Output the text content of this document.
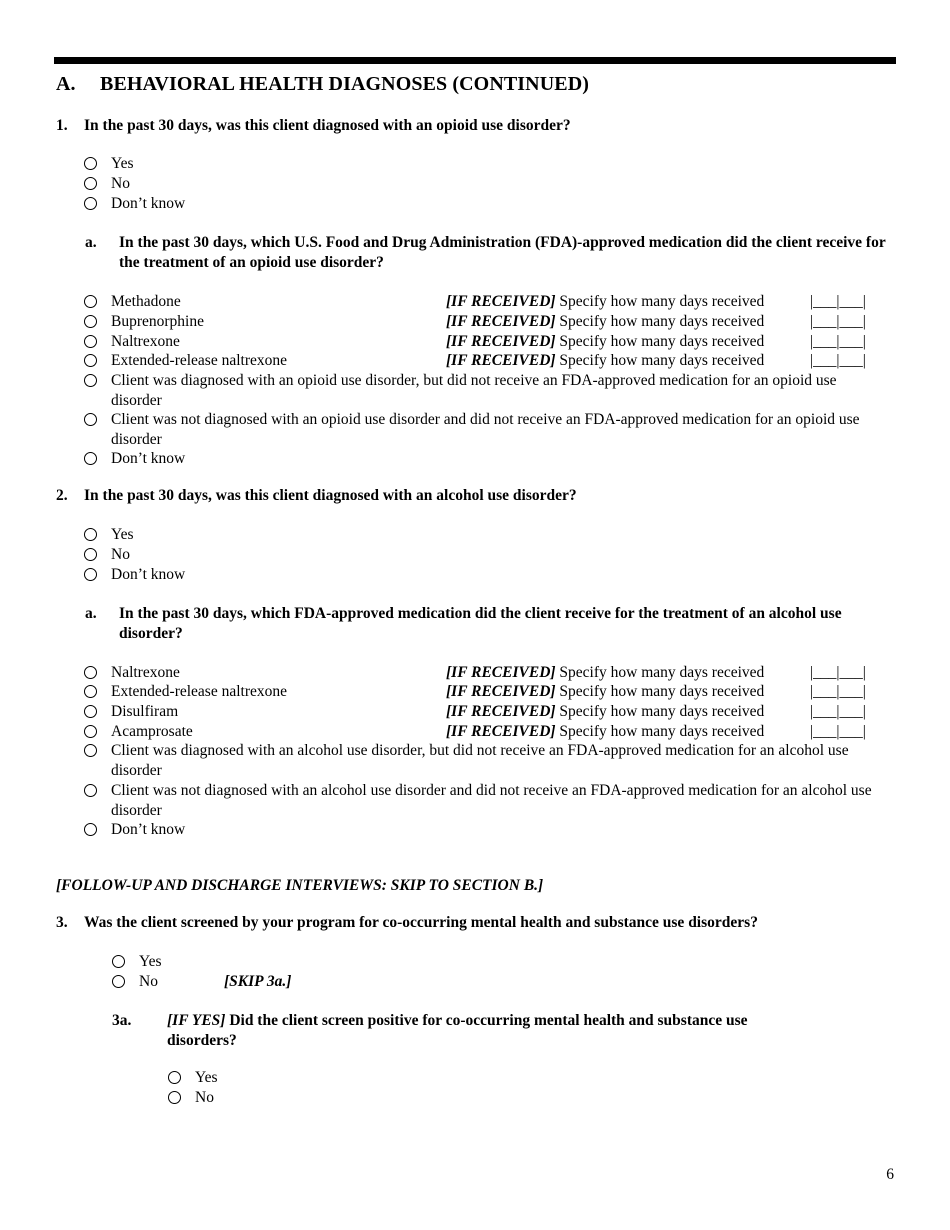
A. BEHAVIORAL HEALTH DIAGNOSES (CONTINUED)
1. In the past 30 days, was this client diagnosed with an opioid use disorder?
Yes
No
Don’t know
a. In the past 30 days, which U.S. Food and Drug Administration (FDA)-approved medication did the client receive for the treatment of an opioid use disorder?
Methadone	[IF RECEIVED] Specify how many days received	|___|___|
Buprenorphine	[IF RECEIVED] Specify how many days received	|___|___|
Naltrexone	[IF RECEIVED] Specify how many days received	|___|___|
Extended-release naltrexone	[IF RECEIVED] Specify how many days received	|___|___|
Client was diagnosed with an opioid use disorder, but did not receive an FDA-approved medication for an opioid use disorder
Client was not diagnosed with an opioid use disorder and did not receive an FDA-approved medication for an opioid use disorder
Don’t know
2. In the past 30 days, was this client diagnosed with an alcohol use disorder?
Yes
No
Don’t know
a. In the past 30 days, which FDA-approved medication did the client receive for the treatment of an alcohol use disorder?
Naltrexone	[IF RECEIVED] Specify how many days received	|___|___|
Extended-release naltrexone	[IF RECEIVED] Specify how many days received	|___|___|
Disulfiram	[IF RECEIVED] Specify how many days received	|___|___|
Acamprosate	[IF RECEIVED] Specify how many days received	|___|___|
Client was diagnosed with an alcohol use disorder, but did not receive an FDA-approved medication for an alcohol use disorder
Client was not diagnosed with an alcohol use disorder and did not receive an FDA-approved medication for an alcohol use disorder
Don’t know
[FOLLOW-UP AND DISCHARGE INTERVIEWS: SKIP TO SECTION B.]
3. Was the client screened by your program for co-occurring mental health and substance use disorders?
Yes
No	[SKIP 3a.]
3a. [IF YES] Did the client screen positive for co-occurring mental health and substance use disorders?
Yes
No
6
